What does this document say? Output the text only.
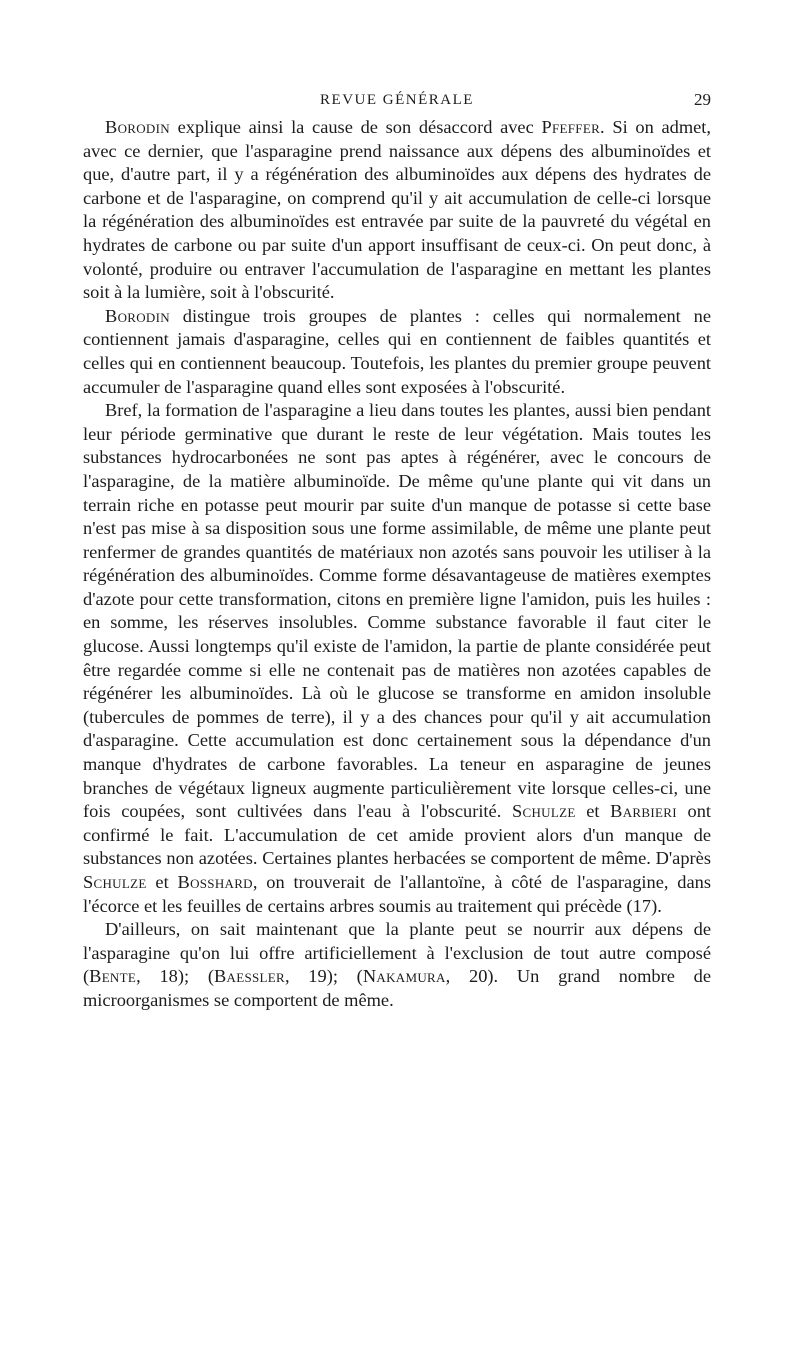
REVUE GÉNÉRALE	29

Borodin explique ainsi la cause de son désaccord avec Pfeffer. Si on admet, avec ce dernier, que l'asparagine prend naissance aux dépens des albuminoïdes et que, d'autre part, il y a régénération des albuminoïdes aux dépens des hydrates de carbone et de l'asparagine, on comprend qu'il y ait accumulation de celle-ci lorsque la régénération des albuminoïdes est entravée par suite de la pauvreté du végétal en hydrates de carbone ou par suite d'un apport insuffisant de ceux-ci. On peut donc, à volonté, produire ou entraver l'accumulation de l'asparagine en mettant les plantes soit à la lumière, soit à l'obscurité.

Borodin distingue trois groupes de plantes : celles qui normalement ne contiennent jamais d'asparagine, celles qui en contiennent de faibles quantités et celles qui en contiennent beaucoup. Toutefois, les plantes du premier groupe peuvent accumuler de l'asparagine quand elles sont exposées à l'obscurité.

Bref, la formation de l'asparagine a lieu dans toutes les plantes, aussi bien pendant leur période germinative que durant le reste de leur végétation. Mais toutes les substances hydrocarbonées ne sont pas aptes à régénérer, avec le concours de l'asparagine, de la matière albuminoïde. De même qu'une plante qui vit dans un terrain riche en potasse peut mourir par suite d'un manque de potasse si cette base n'est pas mise à sa disposition sous une forme assimilable, de même une plante peut renfermer de grandes quantités de matériaux non azotés sans pouvoir les utiliser à la régénération des albuminoïdes. Comme forme désavantageuse de matières exemptes d'azote pour cette transformation, citons en première ligne l'amidon, puis les huiles : en somme, les réserves insolubles. Comme substance favorable il faut citer le glucose. Aussi longtemps qu'il existe de l'amidon, la partie de plante considérée peut être regardée comme si elle ne contenait pas de matières non azotées capables de régénérer les albuminoïdes. Là où le glucose se transforme en amidon insoluble (tubercules de pommes de terre), il y a des chances pour qu'il y ait accumulation d'asparagine. Cette accumulation est donc certainement sous la dépendance d'un manque d'hydrates de carbone favorables. La teneur en asparagine de jeunes branches de végétaux ligneux augmente particulièrement vite lorsque celles-ci, une fois coupées, sont cultivées dans l'eau à l'obscurité. Schulze et Barbieri ont confirmé le fait. L'accumulation de cet amide provient alors d'un manque de substances non azotées. Certaines plantes herbacées se comportent de même. D'après Schulze et Bosshard, on trouverait de l'allantoïne, à côté de l'asparagine, dans l'écorce et les feuilles de certains arbres soumis au traitement qui précède (17).

D'ailleurs, on sait maintenant que la plante peut se nourrir aux dépens de l'asparagine qu'on lui offre artificiellement à l'exclusion de tout autre composé (Bente, 18); (Baessler, 19); (Nakamura, 20). Un grand nombre de microorganismes se comportent de même.
